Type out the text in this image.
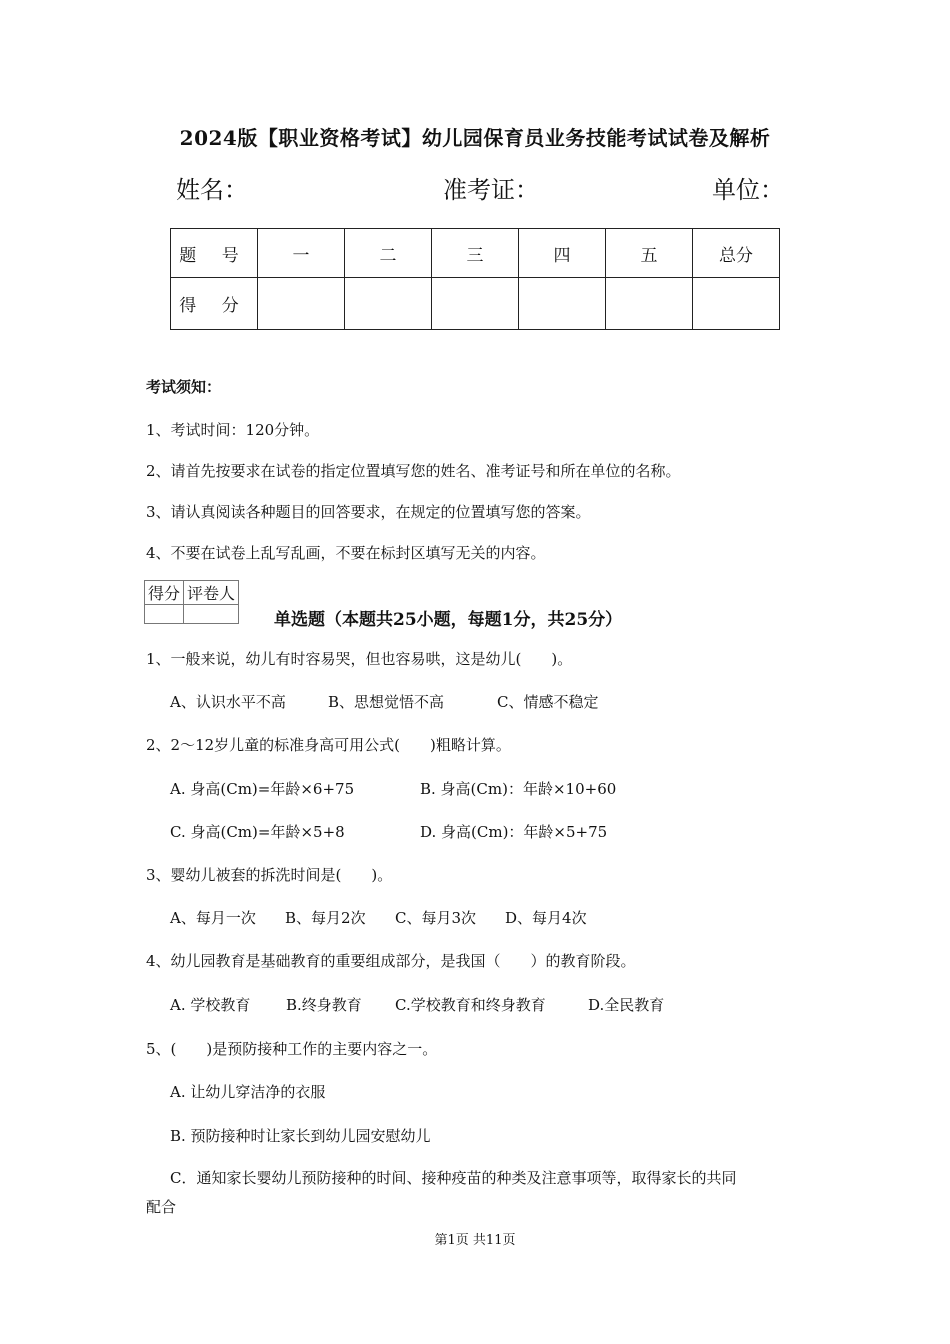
2024版【职业资格考试】幼儿园保育员业务技能考试试卷及解析
姓名：	准考证：	单位：
题 号	一	二	三	四	五	总分
得 分						
考试须知：
1、考试时间：120分钟。
2、请首先按要求在试卷的指定位置填写您的姓名、准考证号和所在单位的名称。
3、请认真阅读各种题目的回答要求，在规定的位置填写您的答案。
4、不要在试卷上乱写乱画，不要在标封区填写无关的内容。
得分	评卷人

单选题（本题共25小题，每题1分，共25分）
1、一般来说，幼儿有时容易哭，但也容易哄，这是幼儿(　　)。
A、认识水平不高	B、思想觉悟不高	C、情感不稳定
2、2～12岁儿童的标准身高可用公式(　　)粗略计算。
A. 身高(Cm)=年龄×6+75	B. 身高(Cm)：年龄×10+60
C. 身高(Cm)=年龄×5+8	D. 身高(Cm)：年龄×5+75
3、婴幼儿被套的拆洗时间是(　　)。
A、每月一次 B、每月2次 C、每月3次 D、每月4次
4、幼儿园教育是基础教育的重要组成部分，是我国（　　）的教育阶段。
A. 学校教育 B.终身教育 C.学校教育和终身教育	D.全民教育
5、(　　)是预防接种工作的主要内容之一。
A. 让幼儿穿洁净的衣服
B. 预防接种时让家长到幼儿园安慰幼儿
C．通知家长婴幼儿预防接种的时间、接种疫苗的种类及注意事项等，取得家长的共同
配合
第1页 共11页
